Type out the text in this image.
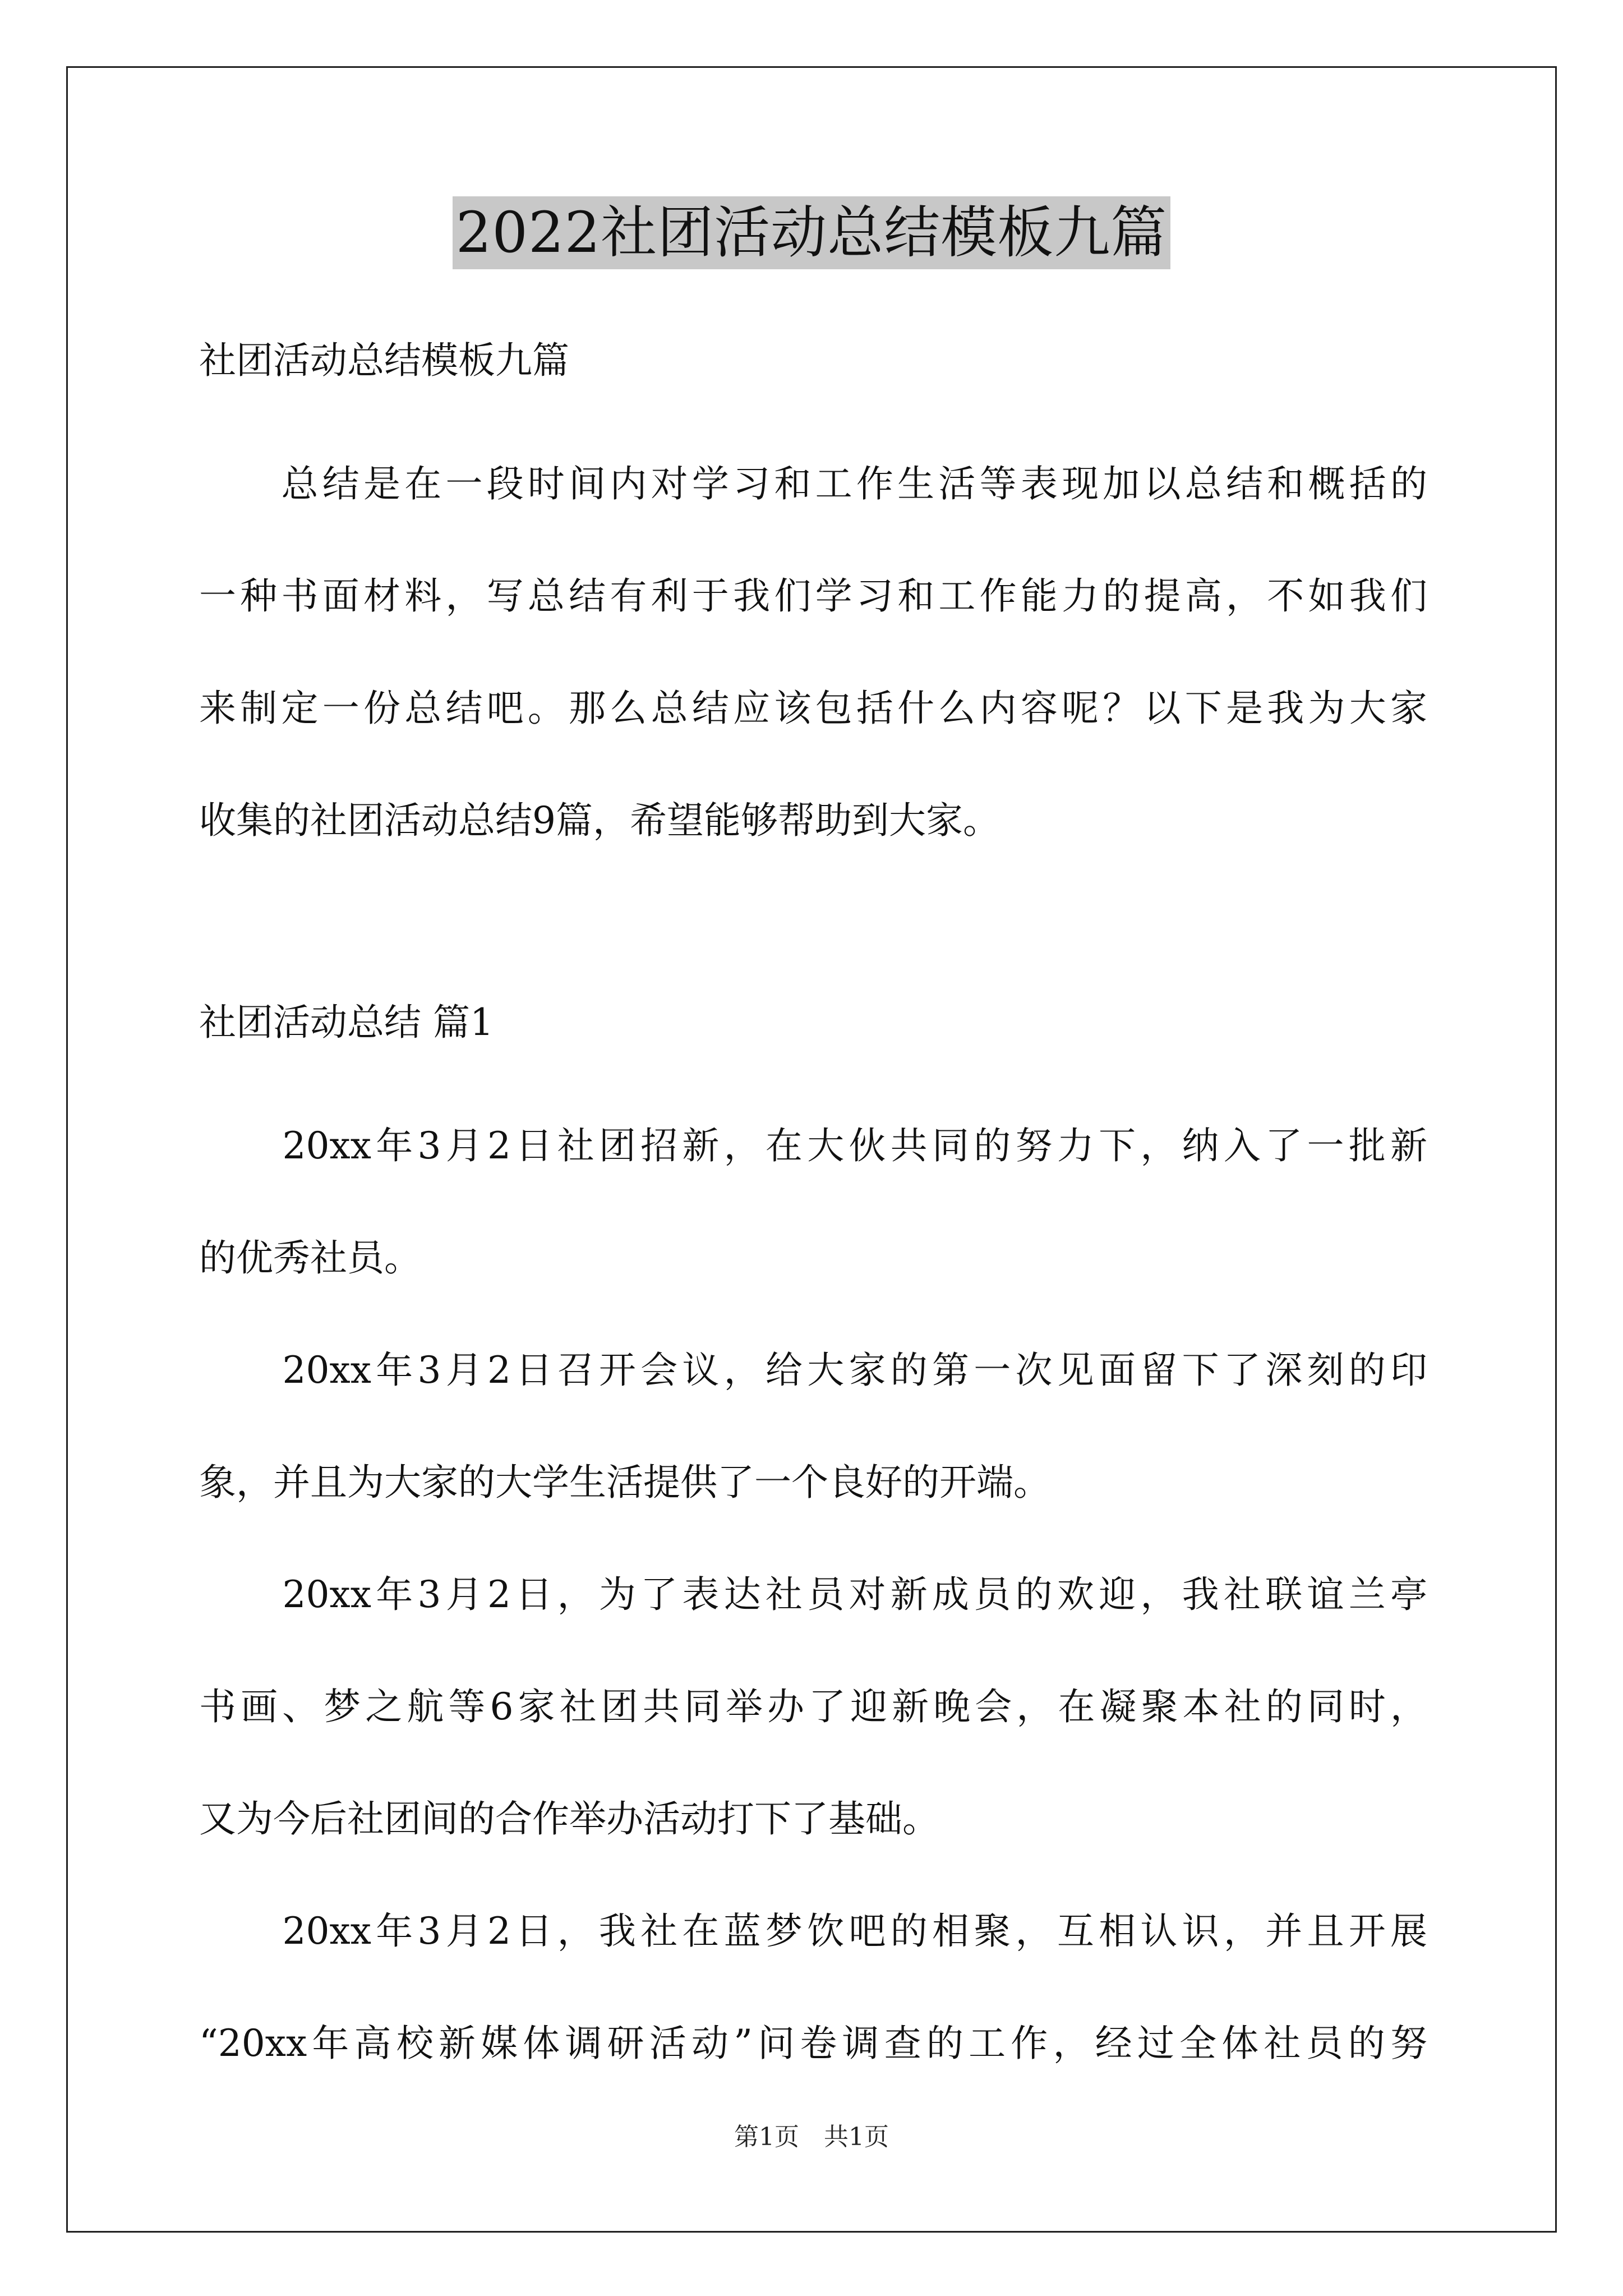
2022社团活动总结模板九篇
社团活动总结模板九篇
　　总结是在一段时间内对学习和工作生活等表现加以总结和概括的
一种书面材料，写总结有利于我们学习和工作能力的提高，不如我们
来制定一份总结吧。那么总结应该包括什么内容呢？以下是我为大家
收集的社团活动总结9篇，希望能够帮助到大家。
社团活动总结 篇1
　　20xx年3月2日社团招新，在大伙共同的努力下，纳入了一批新
的优秀社员。
　　20xx年3月2日召开会议，给大家的第一次见面留下了深刻的印
象，并且为大家的大学生活提供了一个良好的开端。
　　20xx年3月2日，为了表达社员对新成员的欢迎，我社联谊兰亭
书画、梦之航等6家社团共同举办了迎新晚会，在凝聚本社的同时，
又为今后社团间的合作举办活动打下了基础。
　　20xx年3月2日，我社在蓝梦饮吧的相聚，互相认识，并且开展
“20xx年高校新媒体调研活动”问卷调查的工作，经过全体社员的努
第1页　共1页
